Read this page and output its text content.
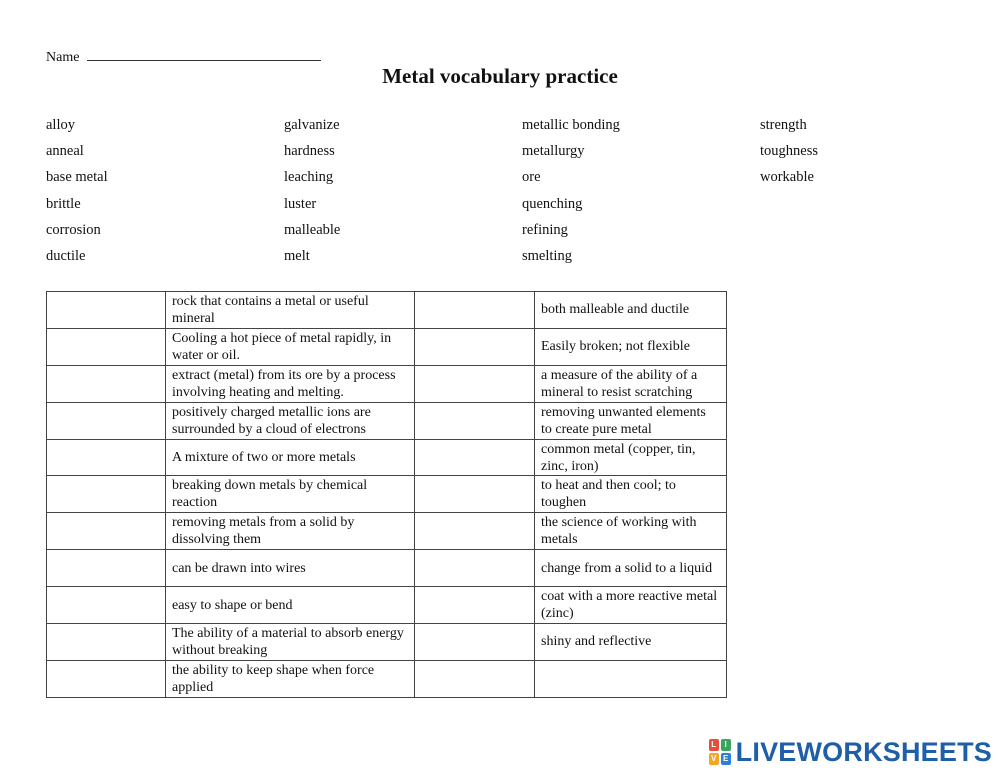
Name
Metal vocabulary practice
alloy
anneal
base metal
brittle
corrosion
ductile
galvanize
hardness
leaching
luster
malleable
melt
metallic bonding
metallurgy
ore
quenching
refining
smelting
strength
toughness
workable
	rock that contains a metal or useful mineral		both malleable and ductile
	Cooling a hot piece of metal rapidly, in water or oil.		Easily broken; not flexible
	extract (metal) from its ore by a process involving heating and melting.		a measure of the ability of a mineral to resist scratching
	positively charged metallic ions are surrounded by a cloud of electrons		removing unwanted elements to create pure metal
	A mixture of two or more metals		common metal (copper, tin, zinc, iron)
	breaking down metals by chemical reaction		to heat and then cool; to toughen
	removing metals from a solid by dissolving them		the science of working with metals
	can be drawn into wires		change from a solid to a liquid
	easy to shape or bend		coat with a more reactive metal (zinc)
	The ability of a material to absorb energy without breaking		shiny and reflective
	the ability to keep shape when force applied		
L	I
V E LIVEWORKSHEETS
